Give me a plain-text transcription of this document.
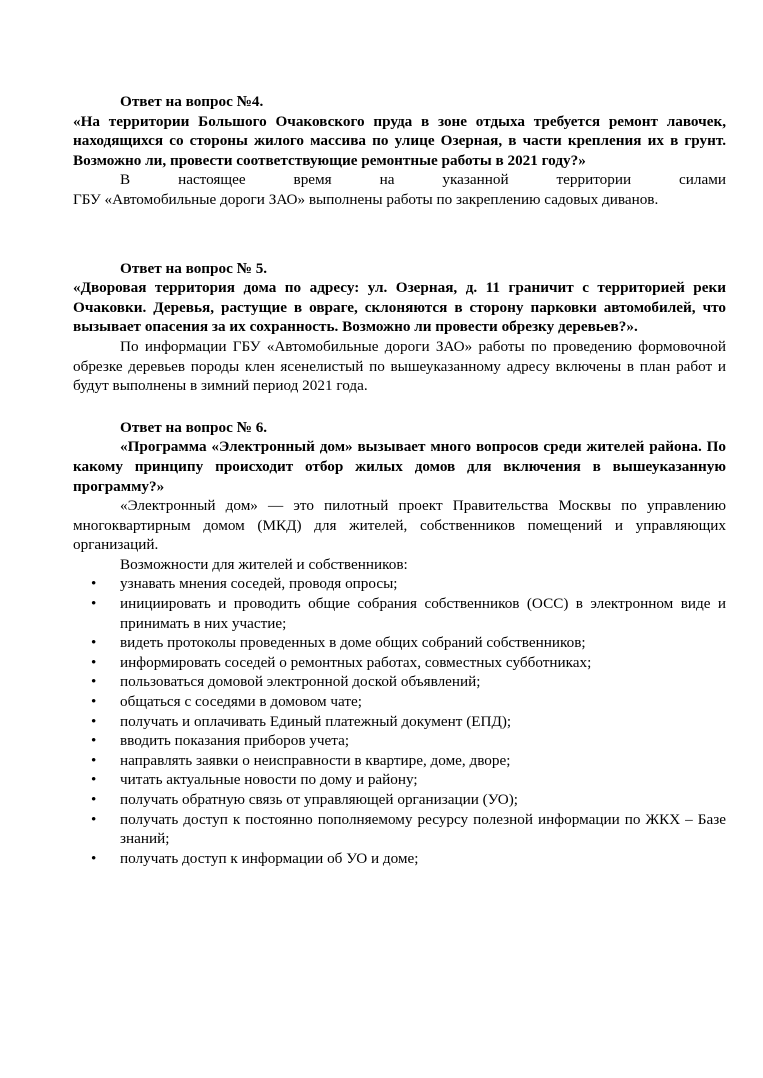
Ответ на вопрос №4.

«На территории Большого Очаковского пруда в зоне отдыха требуется ремонт лавочек, находящихся со стороны жилого массива по улице Озерная, в части крепления их в грунт. Возможно ли, провести соответствующие ремонтные работы в 2021 году?»

В настоящее время на указанной территории силами

ГБУ «Автомобильные дороги ЗАО» выполнены работы по закреплению садовых диванов.

Ответ на вопрос № 5.

«Дворовая территория дома по адресу: ул. Озерная, д. 11 граничит с территорией реки Очаковки. Деревья, растущие в овраге, склоняются в сторону парковки автомобилей, что вызывает опасения за их сохранность. Возможно ли провести обрезку деревьев?».

По информации ГБУ «Автомобильные дороги ЗАО» работы по проведению формовочной обрезке деревьев породы клен ясенелистый по вышеуказанному адресу включены в план работ и будут выполнены в зимний период 2021 года.

Ответ на вопрос № 6.

«Программа «Электронный дом» вызывает много вопросов среди жителей района. По какому принципу происходит отбор жилых домов для включения в вышеуказанную программу?»

«Электронный дом» — это пилотный проект Правительства Москвы по управлению многоквартирным домом (МКД) для жителей, собственников помещений и управляющих организаций.

Возможности для жителей и собственников:

• узнавать мнения соседей, проводя опросы;
• инициировать и проводить общие собрания собственников (ОСС) в электронном виде и принимать в них участие;
• видеть протоколы проведенных в доме общих собраний собственников;
• информировать соседей о ремонтных работах, совместных субботниках;
• пользоваться домовой электронной доской объявлений;
• общаться с соседями в домовом чате;
• получать и оплачивать Единый платежный документ (ЕПД);
• вводить показания приборов учета;
• направлять заявки о неисправности в квартире, доме, дворе;
• читать актуальные новости по дому и району;
• получать обратную связь от управляющей организации (УО);
• получать доступ к постоянно пополняемому ресурсу полезной информации по ЖКХ – Базе знаний;
• получать доступ к информации об УО и доме;
